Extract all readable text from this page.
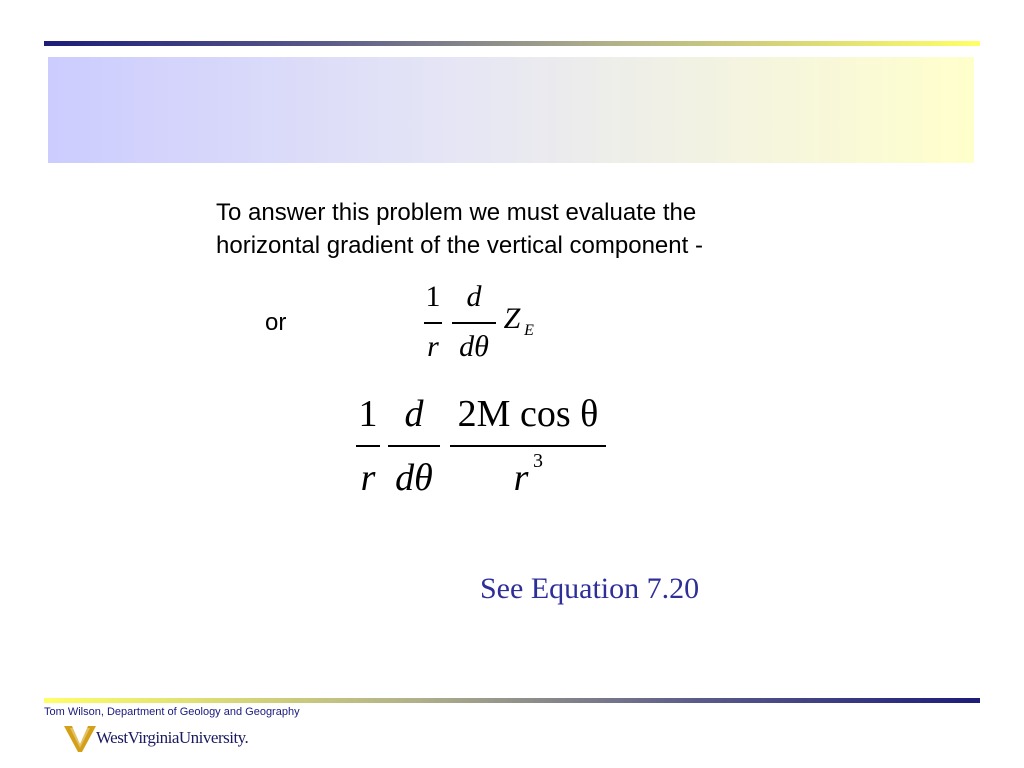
To answer this problem we must evaluate the
horizontal gradient of the vertical component -
or
1
r
d
dθ
Z E
1
r
d
dθ
2M cos θ
r 3
See Equation 7.20
Tom Wilson, Department of Geology and Geography
WestVirginiaUniversity.
